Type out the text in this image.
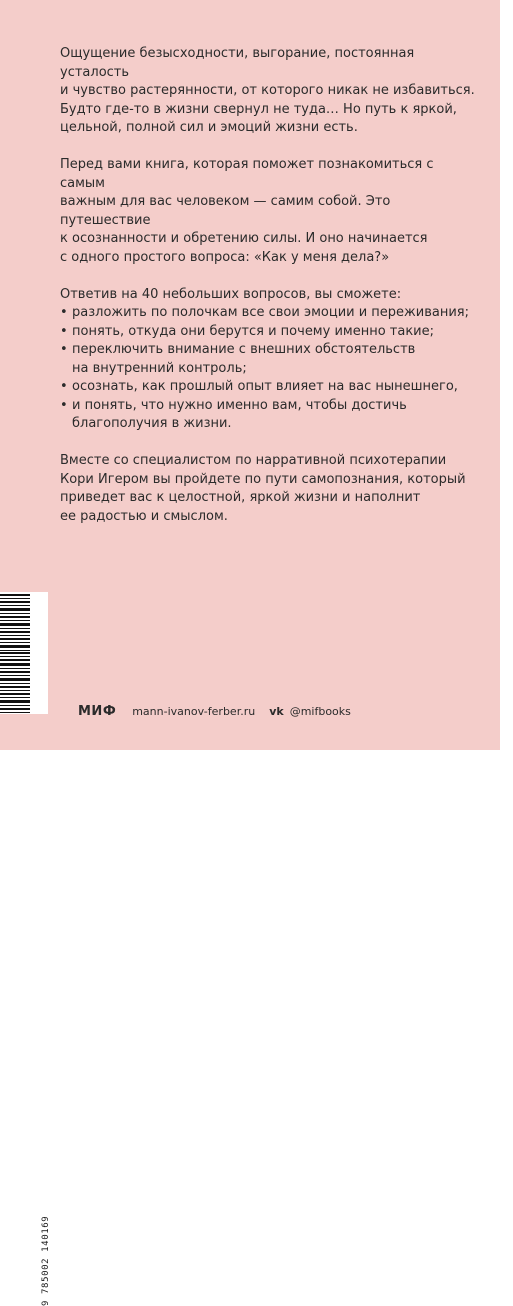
Ощущение безысходности, выгорание, постоянная усталость
и чувство растерянности, от которого никак не избавиться.
Будто где-то в жизни свернул не туда… Но путь к яркой,
цельной, полной сил и эмоций жизни есть.

Перед вами книга, которая поможет познакомиться с самым
важным для вас человеком — самим собой. Это путешествие
к осознанности и обретению силы. И оно начинается
с одного простого вопроса: «Как у меня дела?»

Ответив на 40 небольших вопросов, вы сможете:

• разложить по полочкам все свои эмоции и переживания;
• понять, откуда они берутся и почему именно такие;
• переключить внимание с внешних обстоятельств
на внутренний контроль;
• осознать, как прошлый опыт влияет на вас нынешнего,
• и понять, что нужно именно вам, чтобы достичь
благополучия в жизни.

Вместе со специалистом по нарративной психотерапии
Кори Игером вы пройдете по пути самопознания, который
приведет вас к целостной, яркой жизни и наполнит
ее радостью и смыслом.

9 785002 140169
МИФ mann-ivanov-ferber.ru vk @mifbooks
